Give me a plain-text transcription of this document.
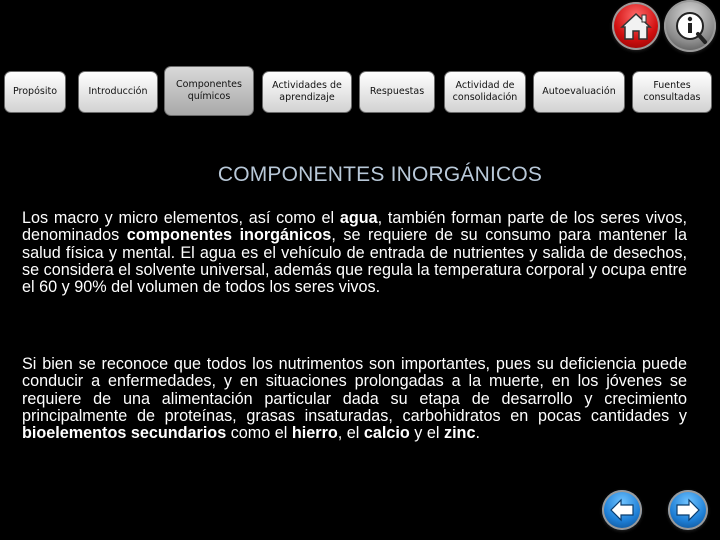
Propósito	Introducción
Componentes
químicos
Actividades de
aprendizaje
Respuestas
Actividad de
consolidación
Autoevaluación
Fuentes
consultadas
COMPONENTES INORGÁNICOS

Los macro y micro elementos, así como el agua, también forman parte de los seres vivos, denominados componentes inorgánicos, se requiere de su consumo para mantener la salud física y mental. El agua es el vehículo de entrada de nutrientes y salida de desechos, se considera el solvente universal, además que regula la temperatura corporal y ocupa entre el 60 y 90% del volumen de todos los seres vivos.

Si bien se reconoce que todos los nutrimentos son importantes, pues su deficiencia puede conducir a enfermedades, y en situaciones prolongadas a la muerte, en los jóvenes se requiere de una alimentación particular dada su etapa de desarrollo y crecimiento principalmente de proteínas, grasas insaturadas, carbohidratos en pocas cantidades y bioelementos secundarios como el hierro, el calcio y el zinc.
